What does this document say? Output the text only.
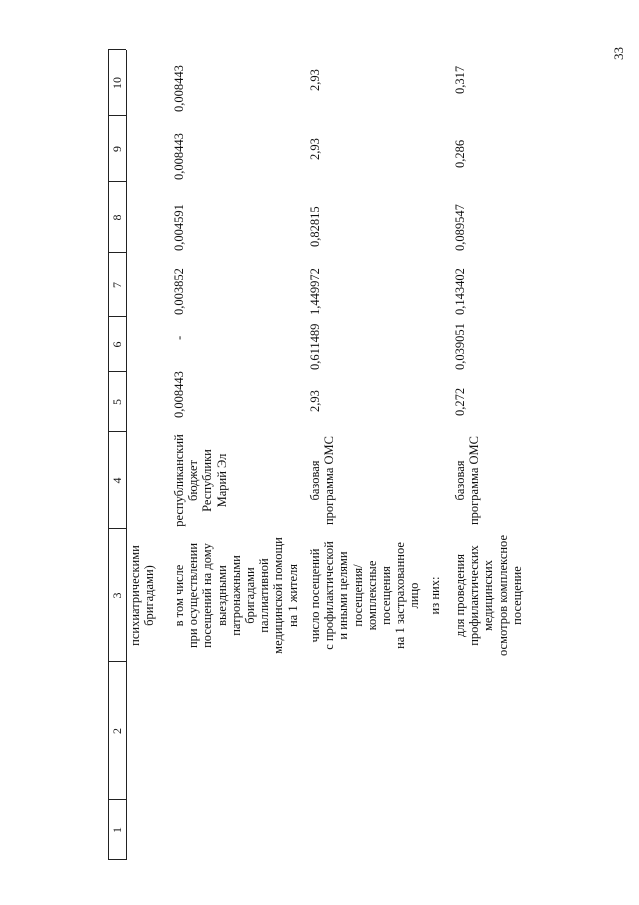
33
1
2
3
4
5
6
7
8
9
10
психиатрическими
бригадами) в том числе
при осуществлении
посещений на дому
выездными
патронажными
бригадами
паллиативной
медицинской помощи
на 1 жителя
республиканский
бюджет
Республики
Марий Эл
0,008443
-
0,003852
0,004591
0,008443
0,008443
число посещений
с профилактической
и иными целями
посещения/
комплексные
посещения
на 1 застрахованное
лицо
базовая
программа ОМС
2,93
0,611489
1,449972
0,82815
2,93
2,93
из них:
для проведения
профилактических
медицинских
осмотров комплексное
посещение
базовая
программа ОМС
0,272
0,039051
0,143402
0,089547
0,286
0,317
